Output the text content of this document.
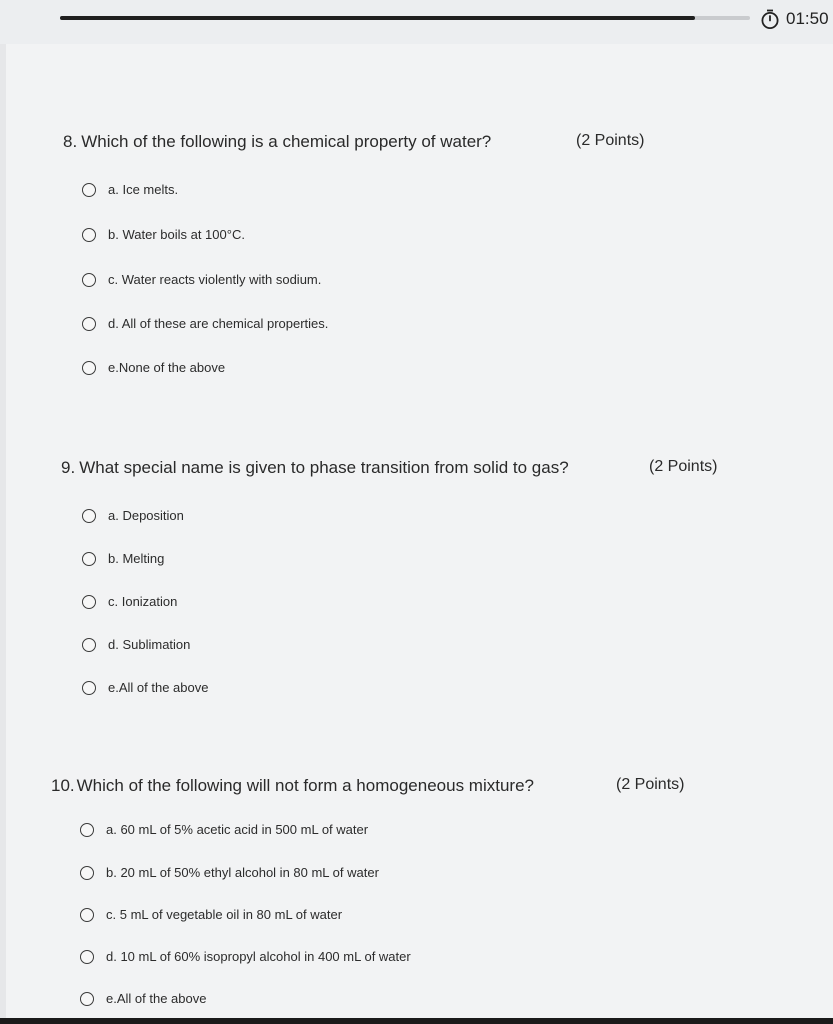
01:50
8. Which of the following is a chemical property of water?	(2 Points)
a. Ice melts.
b. Water boils at 100°C.
c. Water reacts violently with sodium.
d. All of these are chemical properties.
e.None of the above
9. What special name is given to phase transition from solid to gas?	(2 Points)
a. Deposition
b. Melting
c. Ionization
d. Sublimation
e.All of the above
10. Which of the following will not form a homogeneous mixture?	(2 Points)
a. 60 mL of 5% acetic acid in 500 mL of water
b. 20 mL of 50% ethyl alcohol in 80 mL of water
c. 5 mL of vegetable oil in 80 mL of water
d. 10 mL of 60% isopropyl alcohol in 400 mL of water
e.All of the above
